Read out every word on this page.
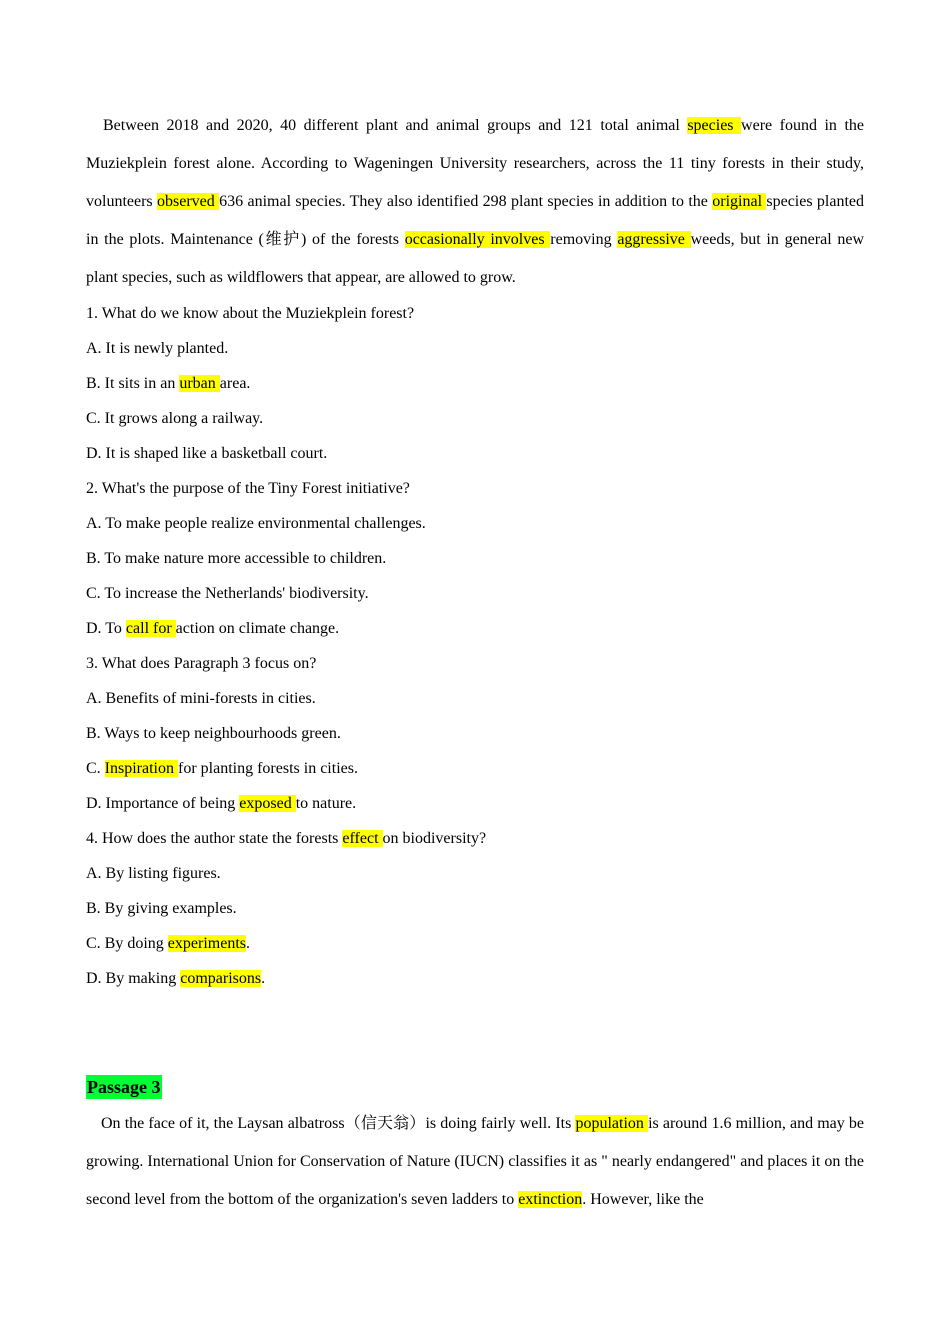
Between 2018 and 2020, 40 different plant and animal groups and 121 total animal species were found in the Muziekplein forest alone. According to Wageningen University researchers, across the 11 tiny forests in their study, volunteers observed 636 animal species. They also identified 298 plant species in addition to the original species planted in the plots. Maintenance (维护) of the forests occasionally involves removing aggressive weeds, but in general new plant species, such as wildflowers that appear, are allowed to grow.

1. What do we know about the Muziekplein forest?

A. It is newly planted.

B. It sits in an urban area.

C. It grows along a railway.

D. It is shaped like a basketball court.

2. What's the purpose of the Tiny Forest initiative?

A. To make people realize environmental challenges.

B. To make nature more accessible to children.

C. To increase the Netherlands' biodiversity.

D. To call for action on climate change.

3. What does Paragraph 3 focus on?

A. Benefits of mini-forests in cities.

B. Ways to keep neighbourhoods green.

C. Inspiration for planting forests in cities.

D. Importance of being exposed to nature.

4. How does the author state the forests effect on biodiversity?

A. By listing figures.

B. By giving examples.

C. By doing experiments.

D. By making comparisons.

Passage 3

On the face of it, the Laysan albatross（信天翁）is doing fairly well. Its population is around 1.6 million, and may be growing. International Union for Conservation of Nature (IUCN) classifies it as " nearly endangered" and places it on the second level from the bottom of the organization's seven ladders to extinction. However, like the
